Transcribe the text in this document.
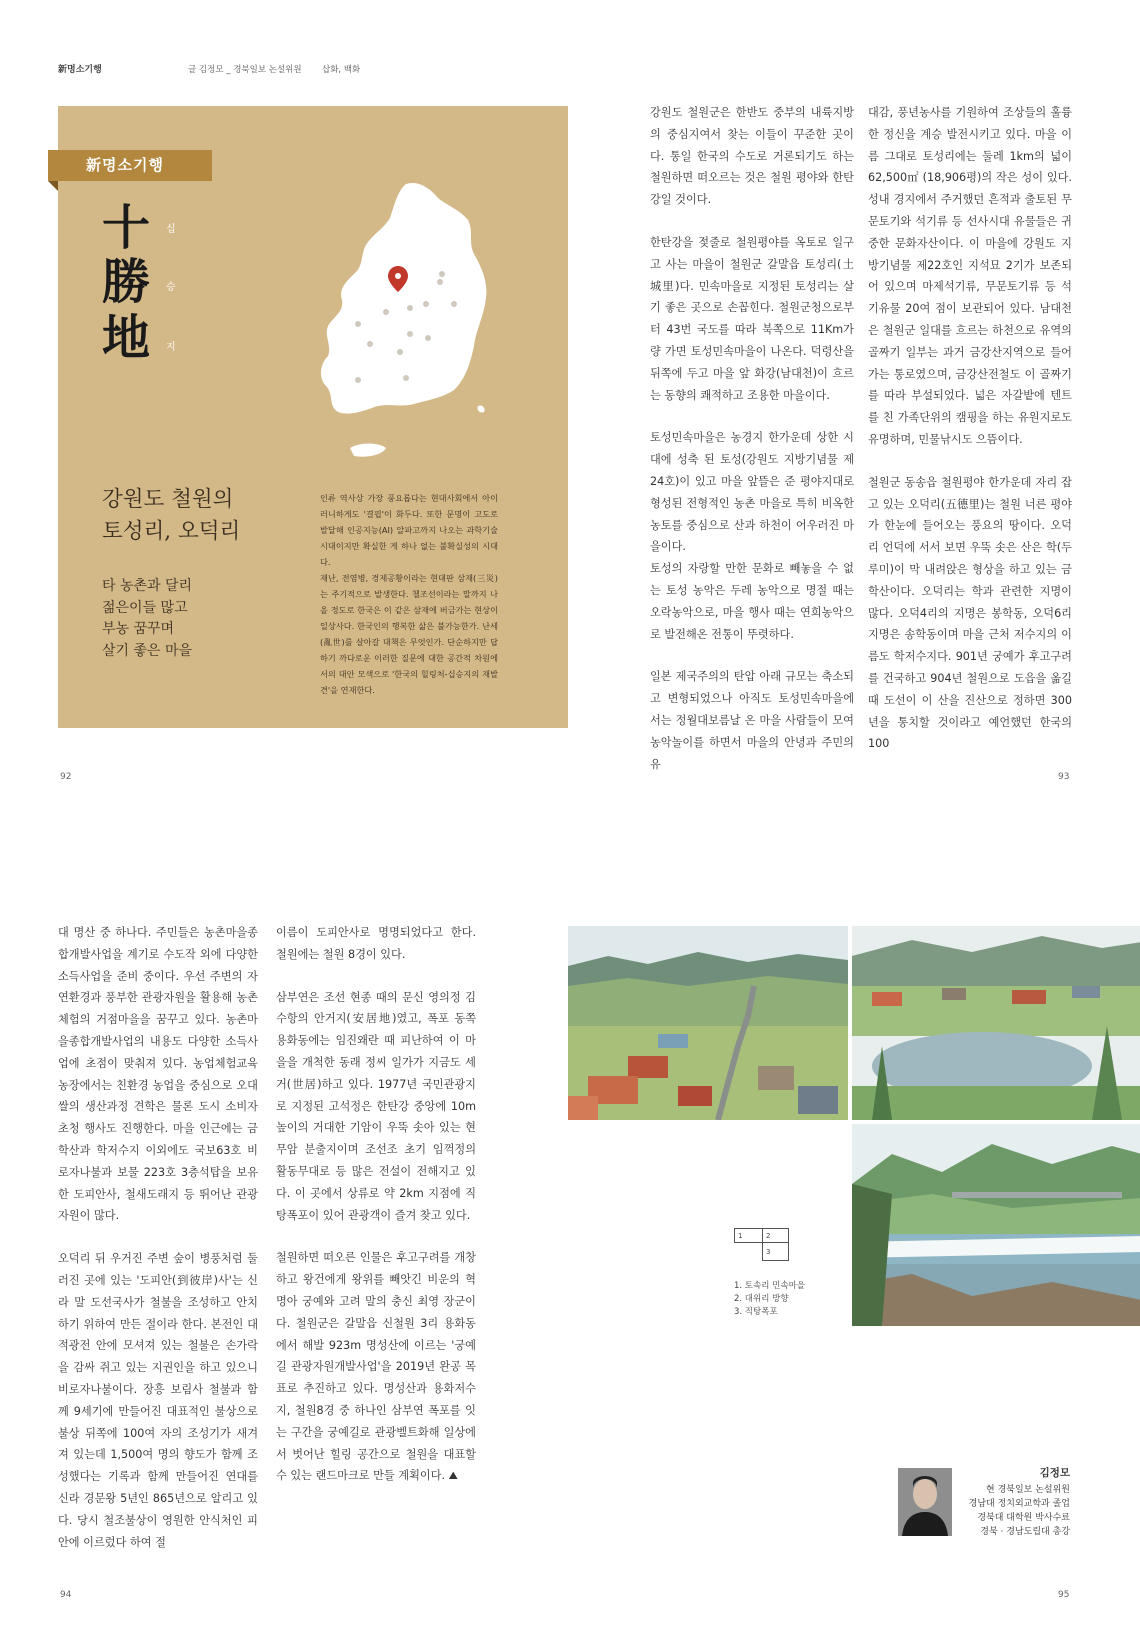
新명소기행	글 김정모 _ 경북일보 논설위원 삽화, 백화
新명소기행
十 십
勝 승
地 지
강원도 철원의
토성리, 오덕리
타 농촌과 달리
젊은이들 많고
부농 꿈꾸며
살기 좋은 마을

인류 역사상 가장 풍요롭다는 현대사회에서 아이러니하게도 '결핍'이 화두다. 또한 문명이 고도로 발달해 인공지능(AI) 알파고까지 나오는 과학기술 시대이지만 확실한 게 하나 없는 불확실성의 시대다.

재난, 전염병, 경제공황이라는 현대판 삼재(三災)는 주기적으로 발생한다. 첼조선이라는 말까지 나올 정도로 한국은 이 같은 삼재에 버금가는 현상이 일상사다. 한국인의 행복한 삶은 불가능한가. 난세(亂世)를 살아갈 대책은 무엇인가. 단순하지만 답하기 까다로운 이러한 질문에 대한 공간적 차원에서의 대안 모색으로 '한국의 힐링처-십승지의 재발견'을 연재한다.

강원도 철원군은 한반도 중부의 내륙지방의 중심지여서 찾는 이들이 꾸준한 곳이다. 통일 한국의 수도로 거론되기도 하는 철원하면 떠오르는 것은 철원 평야와 한탄강일 것이다.

한탄강을 젖줄로 철원평야를 옥토로 일구고 사는 마을이 철원군 갈말읍 토성리(土城里)다. 민속마을로 지정된 토성리는 살기 좋은 곳으로 손꼽힌다. 철원군청으로부터 43번 국도를 따라 북쪽으로 11Km가량 가면 토성민속마을이 나온다. 덕령산을 뒤쪽에 두고 마을 앞 화강(남대천)이 흐르는 동향의 쾌적하고 조용한 마을이다.

토성민속마을은 농경지 한가운데 상한 시대에 성축 된 토성(강원도 지방기념물 제24호)이 있고 마을 앞뜰은 준 평야지대로 형성된 전형적인 농촌 마을로 특히 비옥한 농토를 중심으로 산과 하천이 어우러진 마을이다.

토성의 자랑할 만한 문화로 빼놓을 수 없는 토성 농악은 두레 농악으로 명절 때는 오락농악으로, 마을 행사 때는 연희농악으로 발전해온 전통이 뚜렷하다.

일본 제국주의의 탄압 아래 규모는 축소되고 변형되었으나 아직도 토성민속마을에서는 정월대보름날 온 마을 사람들이 모여 농악놀이를 하면서 마을의 안녕과 주민의 유

대감, 풍년농사를 기원하여 조상들의 훌륭한 정신을 계승 발전시키고 있다. 마을 이름 그대로 토성리에는 둘레 1km의 넓이 62,500㎡ (18,906평)의 작은 성이 있다. 성내 경지에서 주거했던 흔적과 출토된 무문토기와 석기류 등 선사시대 유물들은 귀중한 문화자산이다. 이 마을에 강원도 지방기념물 제22호인 지석묘 2기가 보존되어 있으며 마제석기류, 무문토기류 등 석기유물 20여 점이 보관되어 있다. 남대천은 철원군 일대를 흐르는 하천으로 유역의 골짜기 일부는 과거 금강산지역으로 들어가는 통로였으며, 금강산전철도 이 골짜기를 따라 부설되었다. 넓은 자갈밭에 텐트를 친 가족단위의 캠핑을 하는 유원지로도 유명하며, 민물낚시도 으뜸이다.

철원군 동송읍 철원평야 한가운데 자리 잡고 있는 오덕리(五德里)는 철원 너른 평야가 한눈에 들어오는 풍요의 땅이다. 오덕리 언덕에 서서 보면 우뚝 솟은 산은 학(두루미)이 막 내려앉은 형상을 하고 있는 금학산이다. 오덕리는 학과 관련한 지명이 많다. 오덕4리의 지명은 봉학동, 오덕6리 지명은 송학동이며 마을 근처 저수지의 이름도 학저수지다. 901년 궁예가 후고구려를 건국하고 904년 철원으로 도읍을 옮길 때 도선이 이 산을 진산으로 정하면 300년을 통치할 것이라고 예언했던 한국의 100

92	93

대 명산 중 하나다. 주민들은 농촌마을종합개발사업을 계기로 수도작 외에 다양한 소득사업을 준비 중이다. 우선 주변의 자연환경과 풍부한 관광자원을 활용해 농촌체험의 거점마을을 꿈꾸고 있다. 농촌마을종합개발사업의 내용도 다양한 소득사업에 초점이 맞춰져 있다. 농업체험교육농장에서는 친환경 농업을 중심으로 오대쌀의 생산과정 견학은 물론 도시 소비자 초청 행사도 진행한다. 마을 인근에는 금학산과 학저수지 이외에도 국보63호 비로자나불과 보물 223호 3층석탑을 보유한 도피안사, 철새도래지 등 뛰어난 관광자원이 많다.

오덕리 뒤 우거진 주변 숲이 병풍처럼 둘러진 곳에 있는 '도피안(到彼岸)사'는 신라 말 도선국사가 철불을 조성하고 안치하기 위하여 만든 절이라 한다. 본전인 대적광전 안에 모셔져 있는 철불은 손가락을 감싸 쥐고 있는 지권인을 하고 있으니 비로자나불이다. 장흥 보림사 철불과 함께 9세기에 만들어진 대표적인 불상으로 불상 뒤쪽에 100여 자의 조성기가 새겨져 있는데 1,500여 명의 향도가 함께 조성했다는 기록과 함께 만들어진 연대를 신라 경문왕 5년인 865년으로 알리고 있다. 당시 철조불상이 영원한 안식처인 피안에 이르렀다 하여 절

이름이 도피안사로 명명되었다고 한다. 철원에는 철원 8경이 있다.

삼부연은 조선 현종 때의 문신 영의정 김수항의 안거지(安居地)였고, 폭포 동쪽 용화동에는 임진왜란 때 피난하여 이 마을을 개척한 동래 정씨 일가가 지금도 세거(世居)하고 있다. 1977년 국민관광지로 지정된 고석정은 한탄강 중앙에 10m 높이의 거대한 기암이 우뚝 솟아 있는 현무암 분출지이며 조선조 초기 임꺽정의 활동무대로 등 많은 전설이 전해지고 있다. 이 곳에서 상류로 약 2km 지점에 직탕폭포이 있어 관광객이 즐겨 찾고 있다.

철원하면 떠오른 인물은 후고구려를 개창하고 왕건에게 왕위를 빼앗긴 비운의 혁명아 궁예와 고려 말의 충신 최영 장군이다. 철원군은 갈말읍 신철원 3리 용화동에서 해발 923m 명성산에 이르는 '궁예길 관광자원개발사업'을 2019년 완공 목표로 추진하고 있다. 명성산과 용화저수지, 철원8경 중 하나인 삼부연 폭포를 잇는 구간을 궁예길로 관광벨트화해 일상에서 벗어난 힐링 공간으로 철원을 대표할 수 있는 랜드마크로 만들 계획이다. ⛰

1	2
3
1. 토속리 민속마을
2. 대위리 방향
3. 직탕폭포
김정모
현 경북일보 논설위원
경남대 정치외교학과 졸업
경북대 대학원 박사수료
경북 · 경남도립대 총강
94	95
